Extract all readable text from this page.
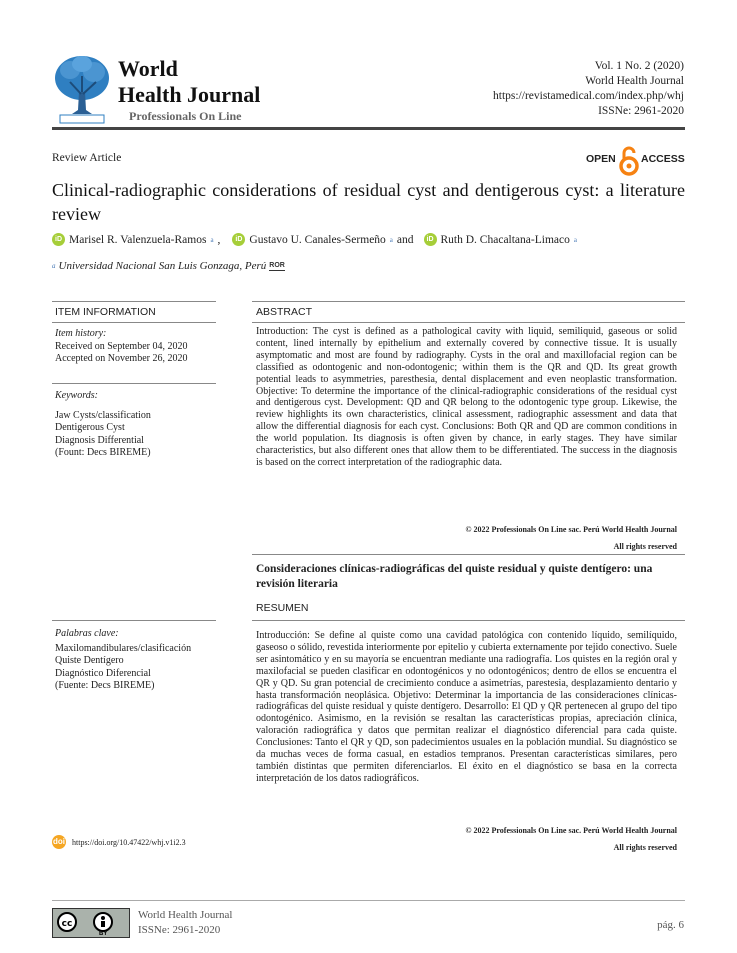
World
Health Journal
Professionals On Line
Vol. 1 No. 2 (2020)
World Health Journal
https://revistamedical.com/index.php/whj
ISSNe: 2961-2020
Review Article	OPEN ACCESS
Clinical-radiographic considerations of residual cyst and dentigerous cyst: a literature review
iD Marisel R. Valenzuela-Ramos a ,	iD Gustavo U. Canales-Sermeño a and	iD Ruth D. Chacaltana-Limaco a
a Universidad Nacional San Luis Gonzaga, Perú ROR
ITEM INFORMATION
Item history:
Received on September 04, 2020
Accepted on November 26, 2020
Keywords:
Jaw Cysts/classification
Dentigerous Cyst
Diagnosis Differential
(Fount: Decs BIREME)
ABSTRACT
Introduction: The cyst is defined as a pathological cavity with liquid, semiliquid, gaseous or solid content, lined internally by epithelium and externally covered by connective tissue. It is usually asymptomatic and most are found by radiography. Cysts in the oral and maxillofacial region can be classified as odontogenic and non-odontogenic; within them is the QR and QD. Its great growth potential leads to asymmetries, paresthesia, dental displacement and even neoplastic transformation. Objective: To determine the importance of the clinical-radiographic considerations of the residual cyst and dentigerous cyst. Development: QD and QR belong to the odontogenic type group. Likewise, the review highlights its own characteristics, clinical assessment, radiographic assessment and data that allow the differential diagnosis for each cyst. Conclusions: Both QR and QD are common conditions in the world population. Its diagnosis is often given by chance, in early stages. They have similar characteristics, but also different ones that allow them to be differentiated. The success in the diagnosis is based on the correct interpretation of the radiographic data.
© 2022 Professionals On Line sac. Perú World Health Journal
All rights reserved
Consideraciones clínicas-radiográficas del quiste residual y quiste dentígero: una revisión literaria
RESUMEN
Palabras clave:
Maxilomandibulares/clasificación
Quiste Dentígero
Diagnóstico Diferencial
(Fuente: Decs BIREME)
Introducción: Se define al quiste como una cavidad patológica con contenido líquido, semilíquido, gaseoso o sólido, revestida interiormente por epitelio y cubierta externamente por tejido conectivo. Suele ser asintomático y en su mayoría se encuentran mediante una radiografía. Los quistes en la región oral y maxilofacial se pueden clasificar en odontogénicos y no odontogénicos; dentro de ellos se encuentra el QR y QD. Su gran potencial de crecimiento conduce a asimetrías, parestesia, desplazamiento dentario y hasta transformación neoplásica. Objetivo: Determinar la importancia de las consideraciones clínicas-radiográficas del quiste residual y quiste dentígero. Desarrollo: El QD y QR pertenecen al grupo del tipo odontogénico. Asimismo, en la revisión se resaltan las características propias, apreciación clínica, valoración radiográfica y datos que permitan realizar el diagnóstico diferencial para cada quiste. Conclusiones: Tanto el QR y QD, son padecimientos usuales en la población mundial. Su diagnóstico se da muchas veces de forma casual, en estadios tempranos. Presentan características similares, pero también distintas que permiten diferenciarlos. El éxito en el diagnóstico se basa en la correcta interpretación de los datos radiográficos.
© 2022 Professionals On Line sac. Perú World Health Journal
All rights reserved
doi https://doi.org/10.47422/whj.v1i2.3
cc
BY
World Health Journal
ISSNe: 2961-2020	pág. 6
